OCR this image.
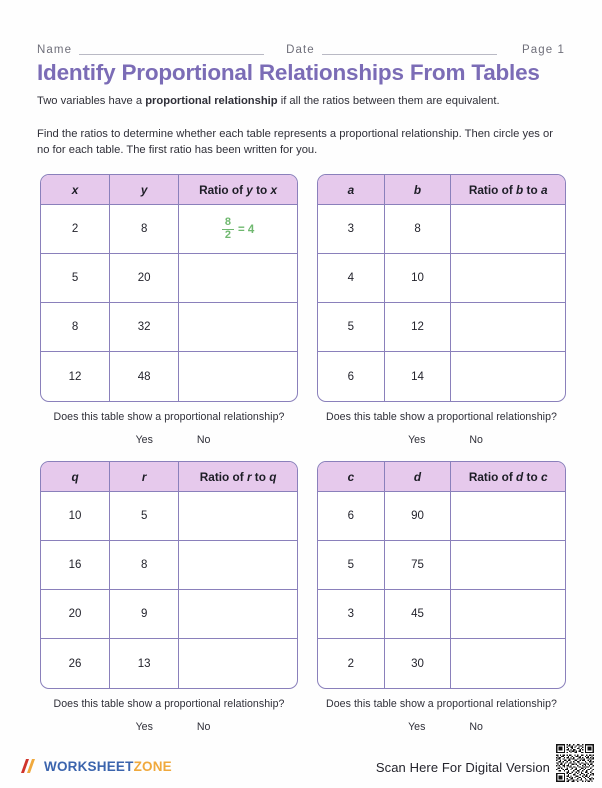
Name	Date	Page 1
Identify Proportional Relationships From Tables

Two variables have a proportional relationship if all the ratios between them are equivalent.

Find the ratios to determine whether each table represents a proportional relationship. Then circle yes or no for each table. The first ratio has been written for you.

x	y	Ratio of y to x
2	8	$\frac{8}{2} = 4$

5	20	
8	32	
12	48	
Does this table show a proportional relationship?
Yes	No
a	b	Ratio of b to a
3	8	
4	10	
5	12	
6	14	
Does this table show a proportional relationship?
Yes	No
q	r	Ratio of r to q
10	5	
16	8	
20	9	
26	13	
Does this table show a proportional relationship?
Yes	No
c	d	Ratio of d to c
6	90	
5	75	
3	45	
2	30	
Does this table show a proportional relationship?
Yes	No
WORKSHEETZONE	Scan Here For Digital Version
